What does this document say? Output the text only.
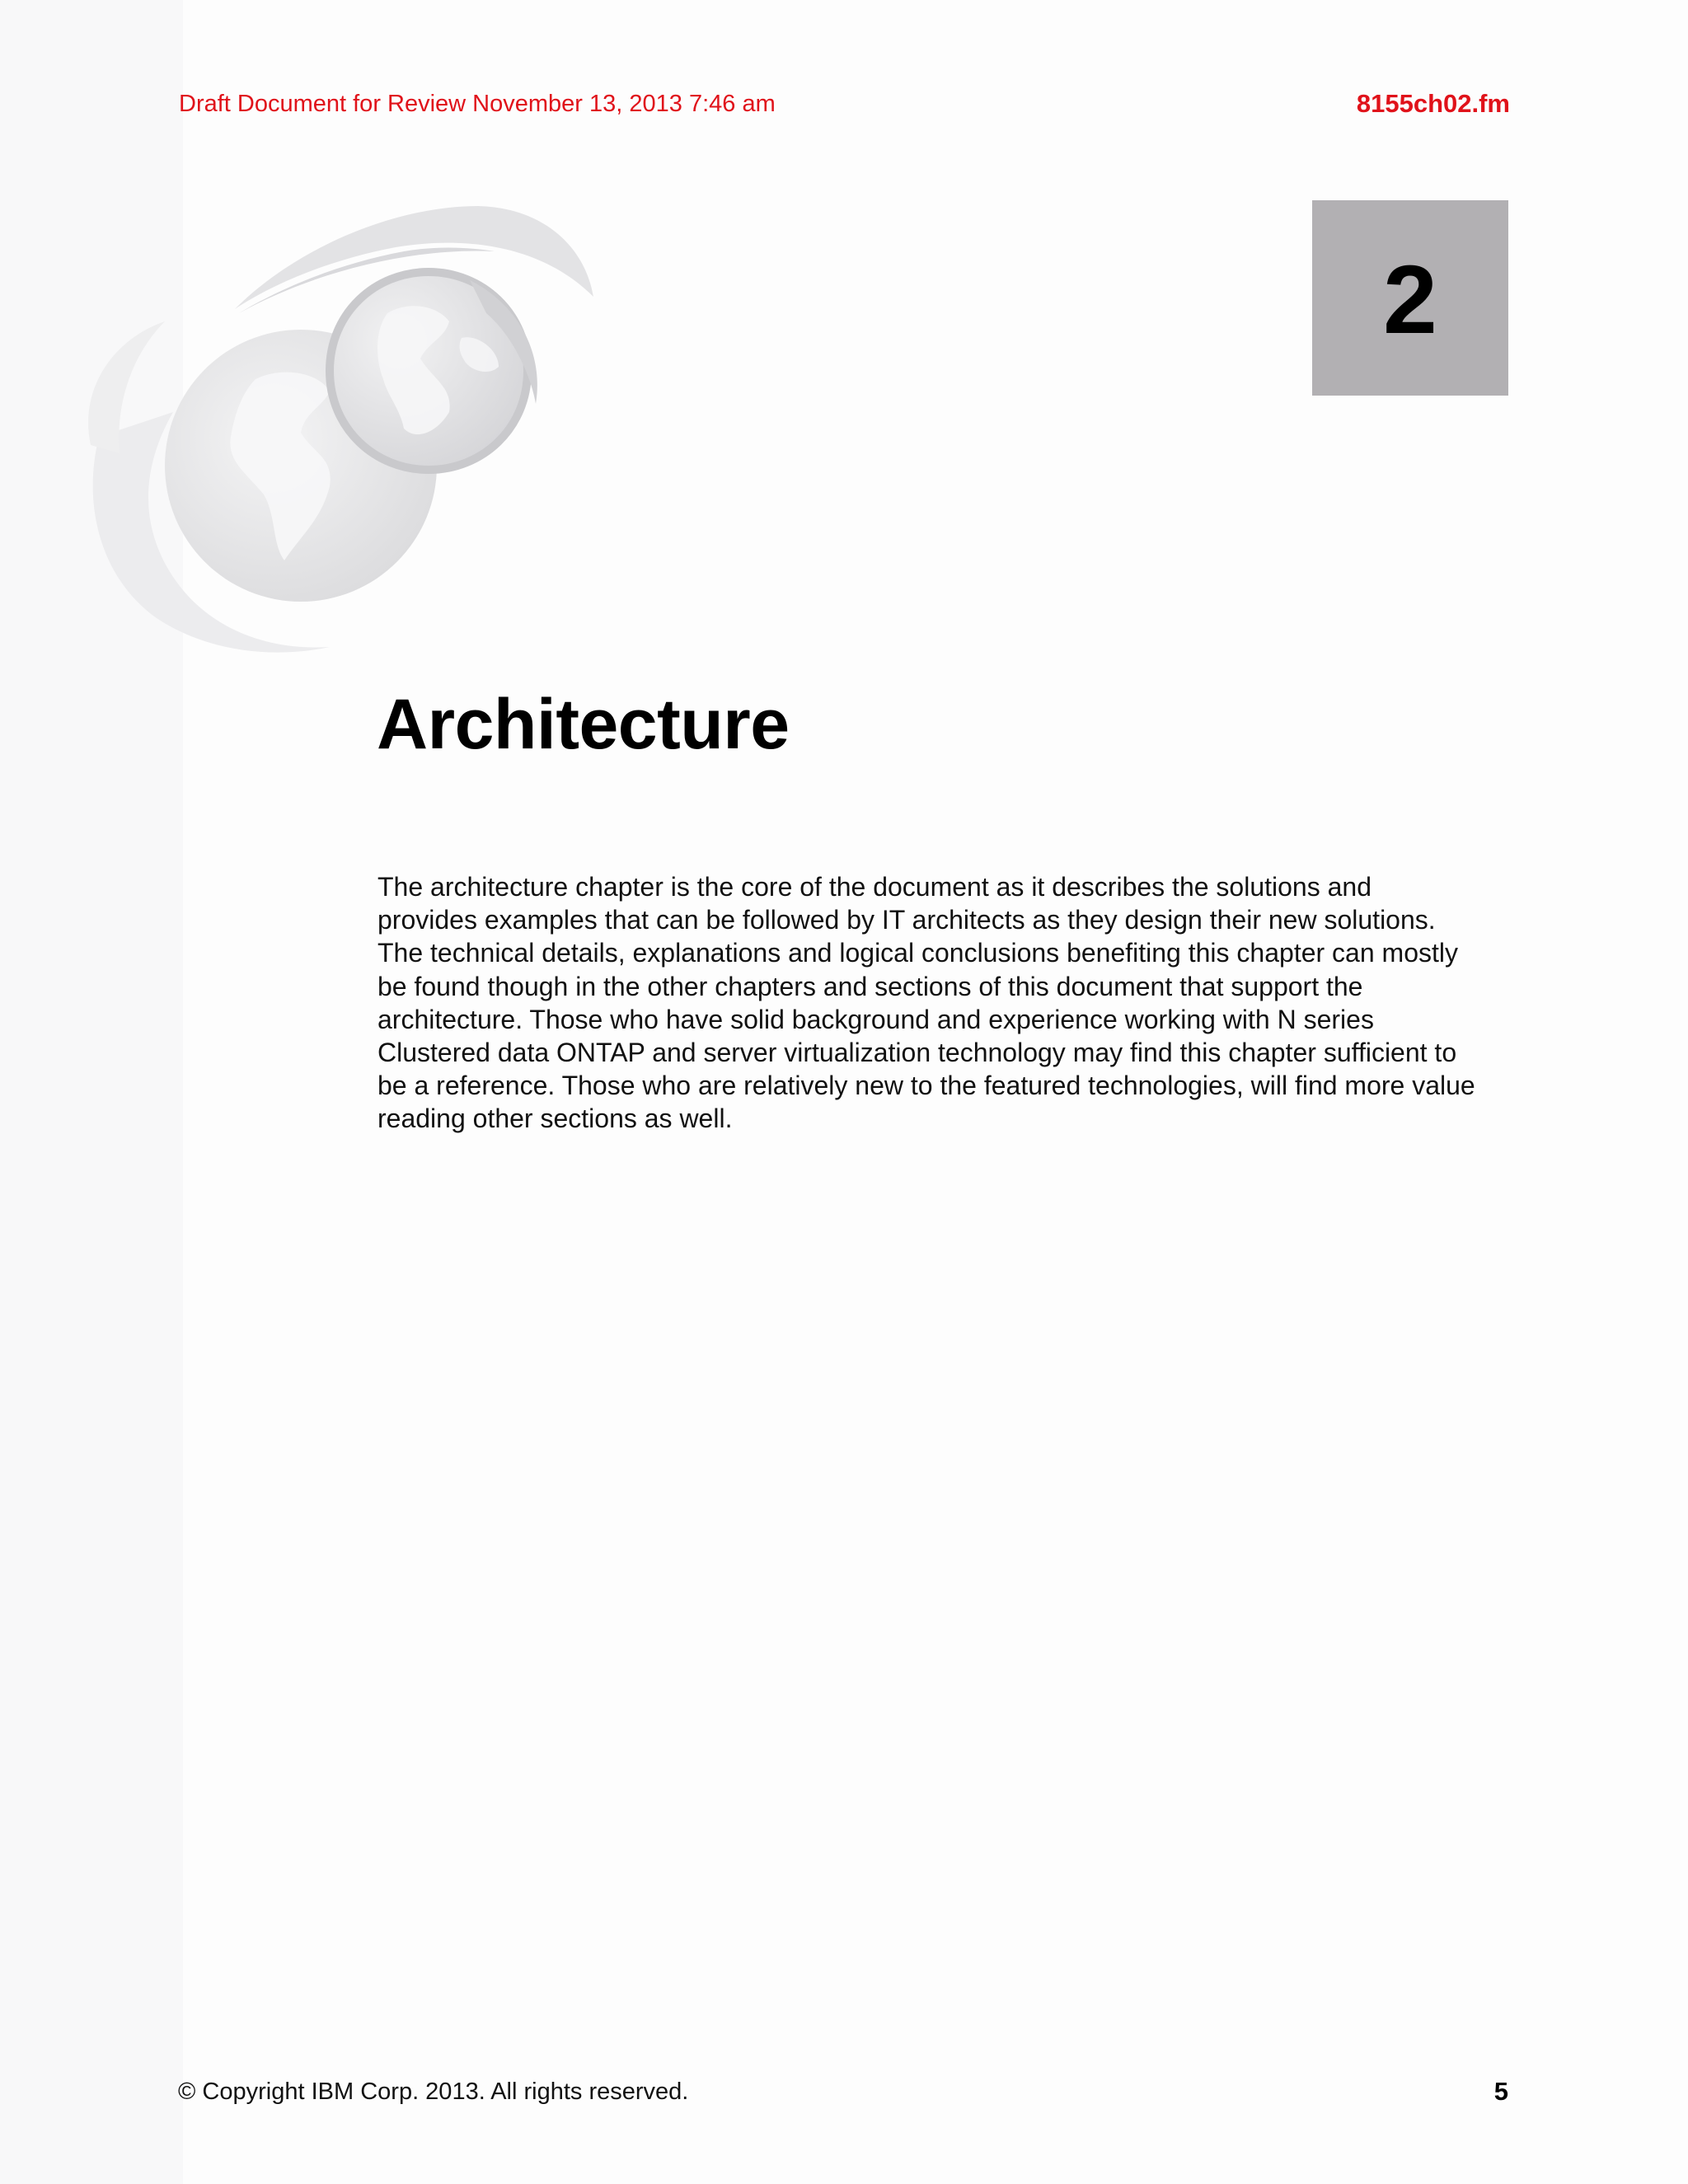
Draft Document for Review November 13, 2013 7:46 am	8155ch02.fm
2
Architecture
The architecture chapter is the core of the document as it describes the solutions and
provides examples that can be followed by IT architects as they design their new solutions.
The technical details, explanations and logical conclusions benefiting this chapter can mostly
be found though in the other chapters and sections of this document that support the
architecture. Those who have solid background and experience working with N series
Clustered data ONTAP and server virtualization technology may find this chapter sufficient to
be a reference. Those who are relatively new to the featured technologies, will find more value
reading other sections as well.
© Copyright IBM Corp. 2013. All rights reserved.	5
